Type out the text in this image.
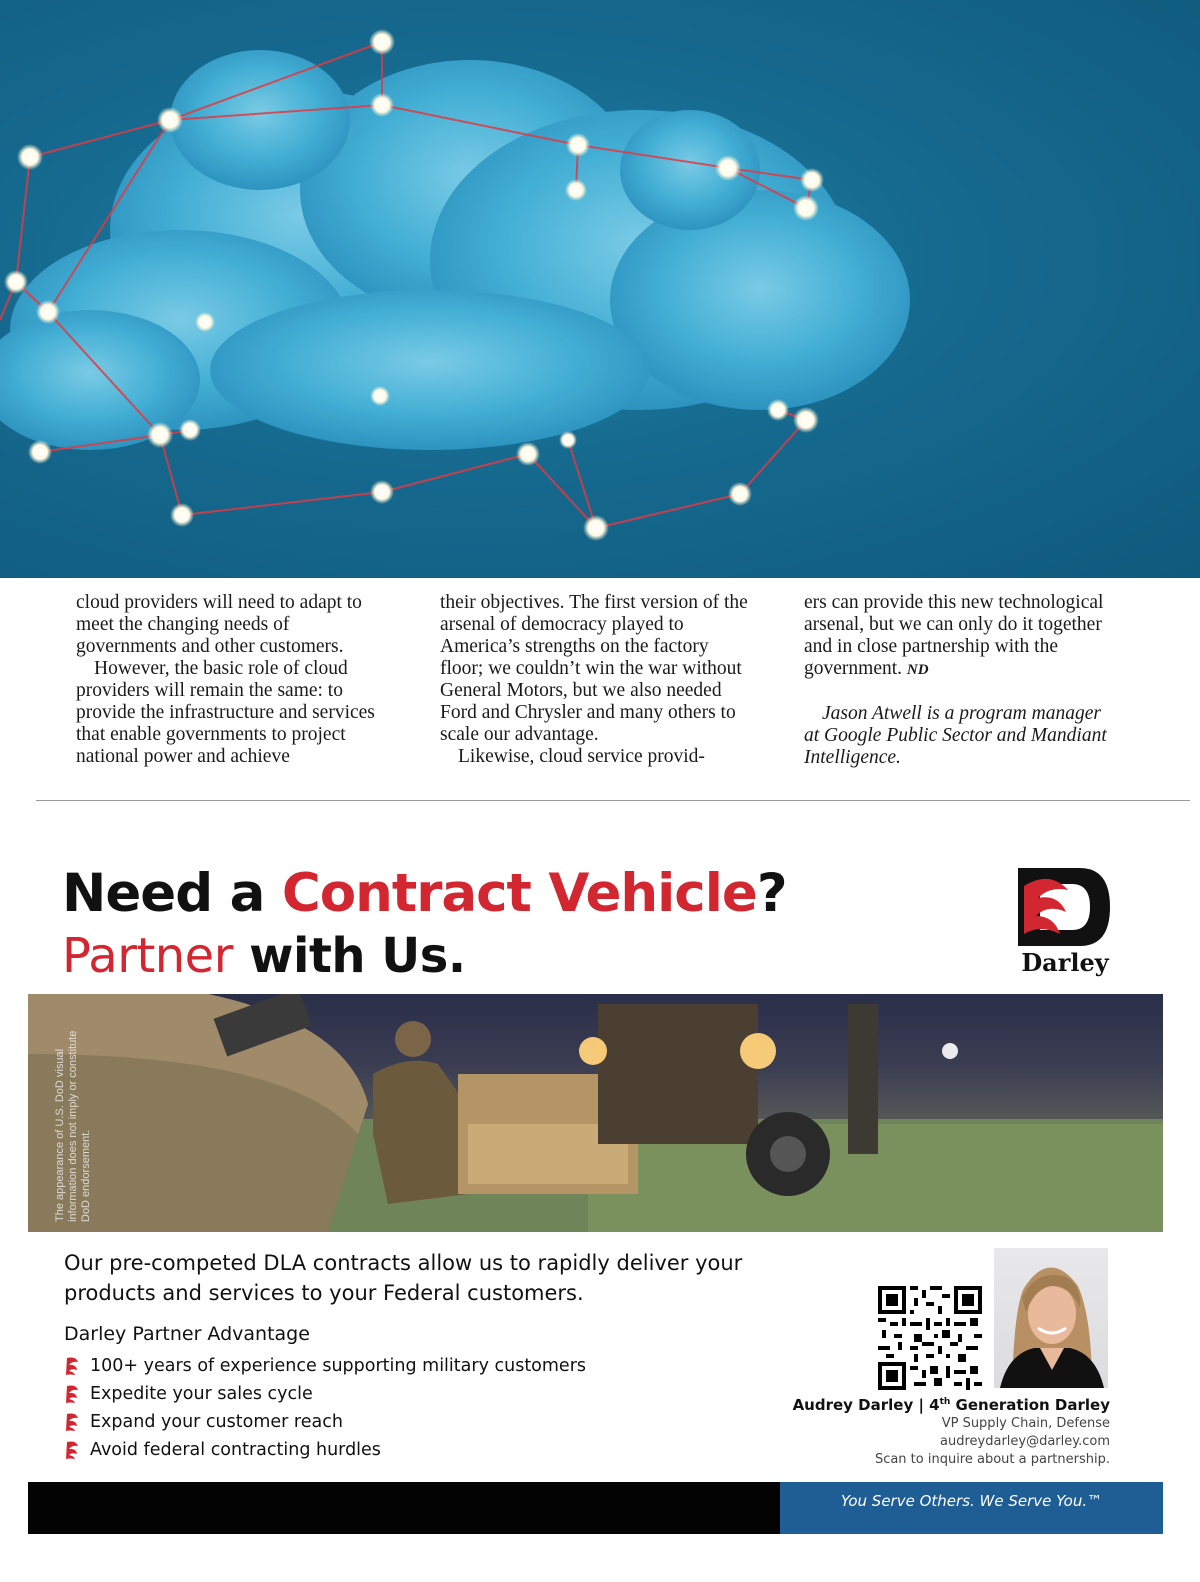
cloud providers will need to adapt to meet the changing needs of governments and other customers.

However, the basic role of cloud providers will remain the same: to provide the infrastructure and services that enable governments to project national power and achieve

their objectives. The first version of the arsenal of democracy played to America’s strengths on the factory floor; we couldn’t win the war without General Motors, but we also needed Ford and Chrysler and many others to scale our advantage.

Likewise, cloud service provid-

ers can provide this new technological arsenal, but we can only do it together and in close partnership with the government. ND

Jason Atwell is a program manager at Google Public Sector and Mandiant Intelligence.

Need a Contract Vehicle?
Partner with Us.	Darley
The appearance of U.S. DoD visual information does not imply or constitute DoD endorsement.
Our pre-competed DLA contracts allow us to rapidly deliver your products and services to your Federal customers.
Darley Partner Advantage
100+ years of experience supporting military customers
Expedite your sales cycle
Expand your customer reach
Avoid federal contracting hurdles
Audrey Darley | 4th Generation Darley
VP Supply Chain, Defense
audreydarley@darley.com
Scan to inquire about a partnership.
You Serve Others. We Serve You.™
